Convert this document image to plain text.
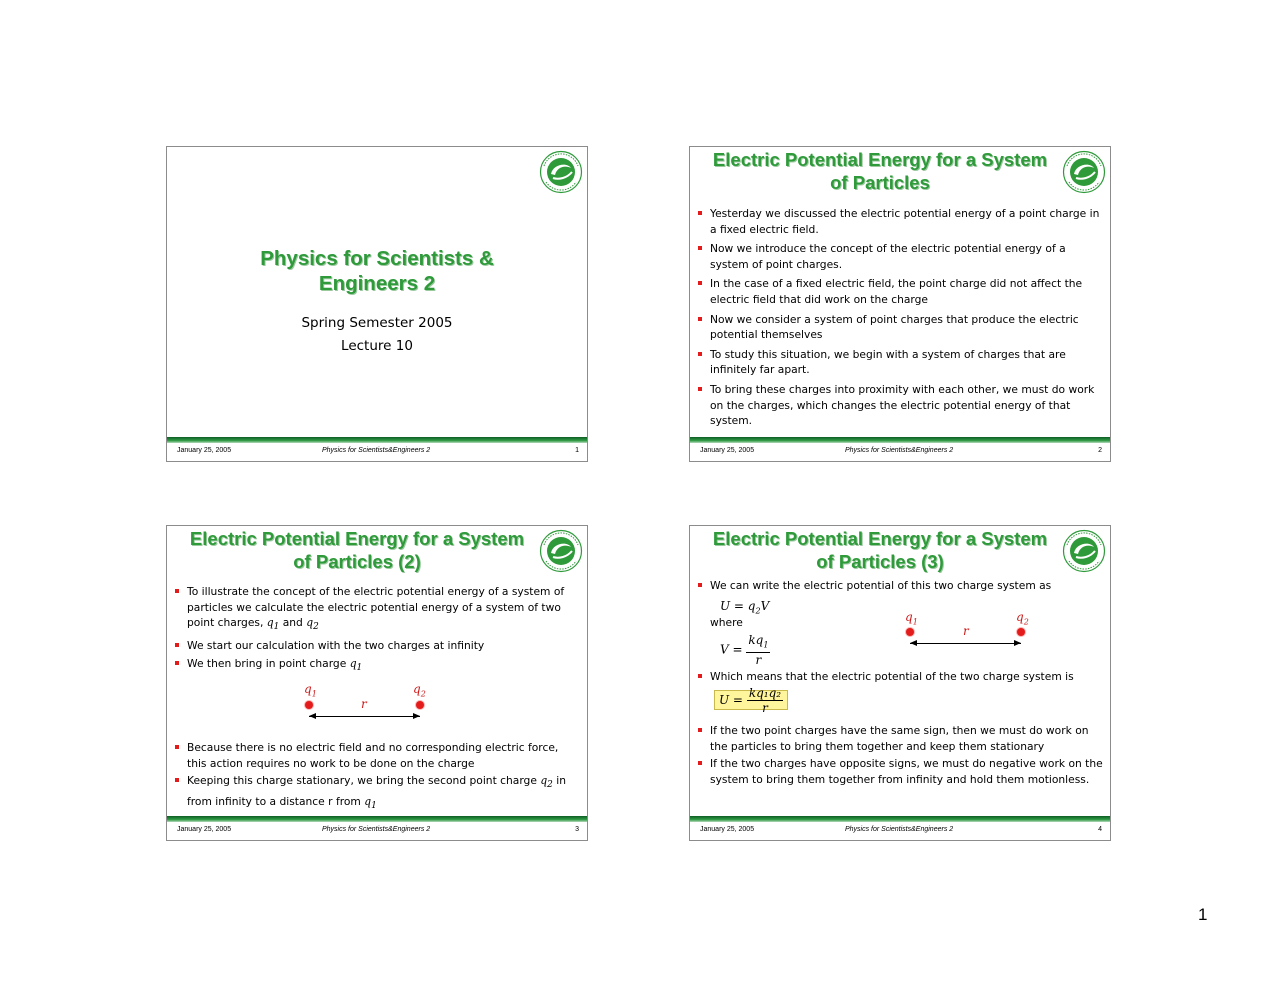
Physics for Scientists & Engineers 2
Spring Semester 2005
Lecture 10
January 25, 2005	Physics for Scientists&Engineers 2	1
Electric Potential Energy for a System of Particles
Yesterday we discussed the electric potential energy of a point charge in a fixed electric field.
Now we introduce the concept of the electric potential energy of a system of point charges.
In the case of a fixed electric field, the point charge did not affect the electric field that did work on the charge
Now we consider a system of point charges that produce the electric potential themselves
To study this situation, we begin with a system of charges that are infinitely far apart.
To bring these charges into proximity with each other, we must do work on the charges, which changes the electric potential energy of that system.
January 25, 2005	Physics for Scientists&Engineers 2	2
Electric Potential Energy for a System of Particles (2)
To illustrate the concept of the electric potential energy of a system of particles we calculate the electric potential energy of a system of two point charges, $q_1$ and $q_2$
We start our calculation with the two charges at infinity
We then bring in point charge $q_1$
$q_1$	$q_2$
r
Because there is no electric field and no corresponding electric force, this action requires no work to be done on the charge
Keeping this charge stationary, we bring the second point charge $q_2$ in from infinity to a distance r from $q_1$
January 25, 2005	Physics for Scientists&Engineers 2	3
Electric Potential Energy for a System of Particles (3)
We can write the electric potential of this two charge system as
$U = q_2V$
where
$V = \frac{kq_1}{r}$
$q_1$	$q_2$
r
Which means that the electric potential of the two charge system is
$U = \frac{\text{kq₁q₂}}{r}$
If the two point charges have the same sign, then we must do work on the particles to bring them together and keep them stationary
If the two charges have opposite signs, we must do negative work on the system to bring them together from infinity and hold them motionless.
January 25, 2005	Physics for Scientists&Engineers 2	4
1
